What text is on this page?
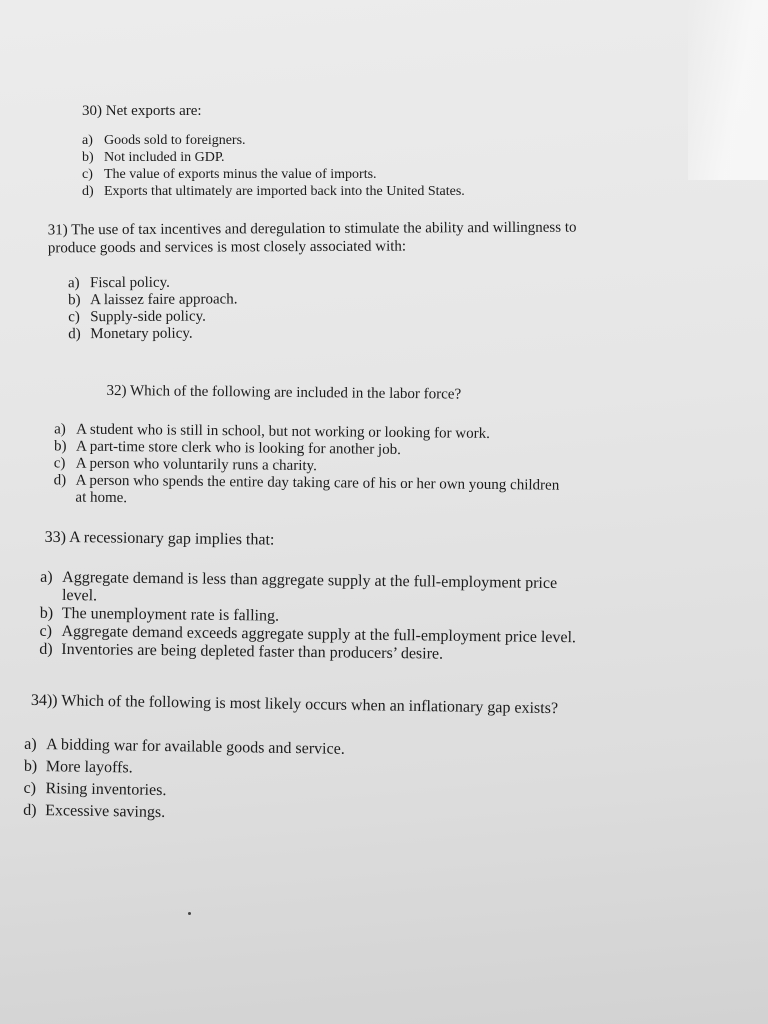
30) Net exports are:
a) Goods sold to foreigners.
b) Not included in GDP.
c) The value of exports minus the value of imports.
d) Exports that ultimately are imported back into the United States.
31) The use of tax incentives and deregulation to stimulate the ability and willingness to
produce goods and services is most closely associated with:
a) Fiscal policy.
b) A laissez faire approach.
c) Supply-side policy.
d) Monetary policy.
32) Which of the following are included in the labor force?
a) A student who is still in school, but not working or looking for work.
b) A part-time store clerk who is looking for another job.
c) A person who voluntarily runs a charity.
d) A person who spends the entire day taking care of his or her own young children
at home.
33) A recessionary gap implies that:
a) Aggregate demand is less than aggregate supply at the full-employment price
level.
b) The unemployment rate is falling.
c) Aggregate demand exceeds aggregate supply at the full-employment price level.
d) Inventories are being depleted faster than producers’ desire.
34)) Which of the following is most likely occurs when an inflationary gap exists?
a) A bidding war for available goods and service.
b) More layoffs.
c) Rising inventories.
d) Excessive savings.
